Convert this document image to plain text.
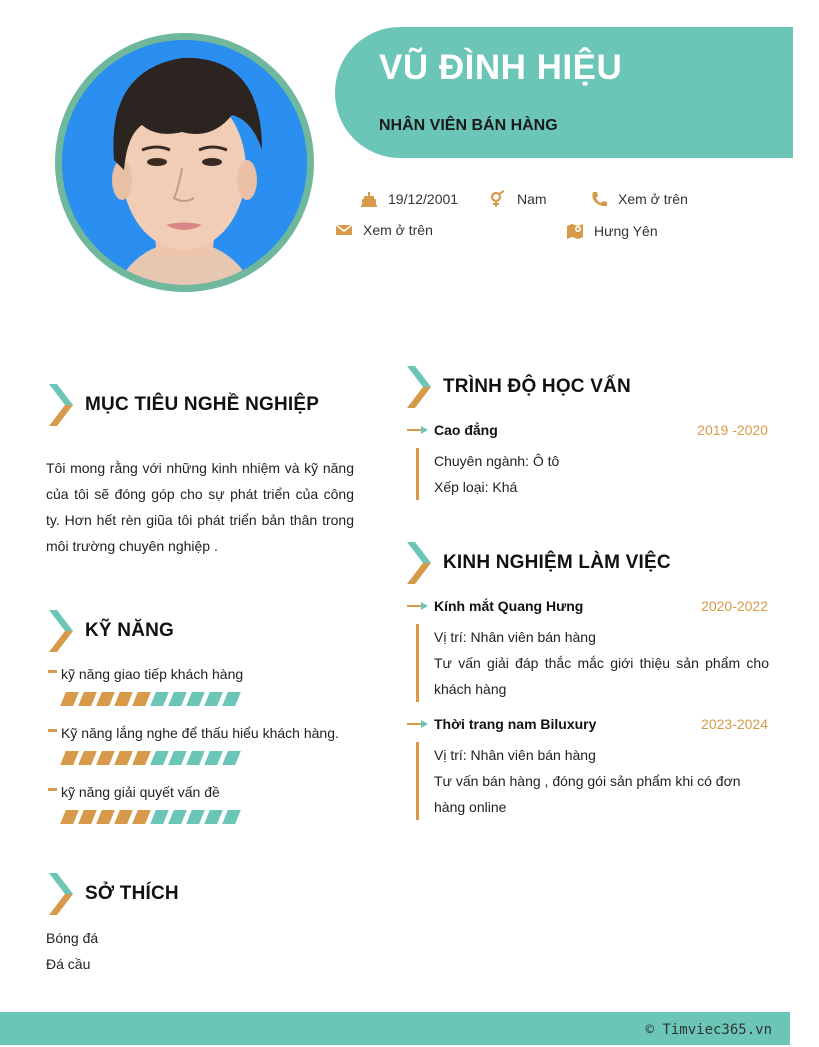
VŨ ĐÌNH HIỆU
NHÂN VIÊN BÁN HÀNG
19/12/2001	Nam	Xem ở trên
Xem ở trên	Hưng Yên
MỤC TIÊU NGHỀ NGHIỆP
Tôi mong rằng với những kinh nhiệm và kỹ năng của tôi sẽ đóng góp cho sự phát triển của công ty. Hơn hết rèn giũa tôi phát triển bản thân trong môi trường chuyên nghiệp .
KỸ NĂNG
kỹ năng giao tiếp khách hàng
Kỹ năng lắng nghe để thấu hiểu khách hàng.
kỹ năng giải quyết vấn đề
SỞ THÍCH
Bóng đá
Đá cầu
TRÌNH ĐỘ HỌC VẤN
Cao đẳng	2019 -2020
Chuyên ngành: Ô tô
Xếp loại: Khá
KINH NGHIỆM LÀM VIỆC
Kính mắt Quang Hưng	2020-2022
Vị trí: Nhân viên bán hàng
Tư vấn giải đáp thắc mắc giới thiệu sản phẩm cho khách hàng
Thời trang nam Biluxury	2023-2024
Vị trí: Nhân viên bán hàng
Tư vấn bán hàng , đóng gói sản phẩm khi có đơn hàng online
© Timviec365.vn
